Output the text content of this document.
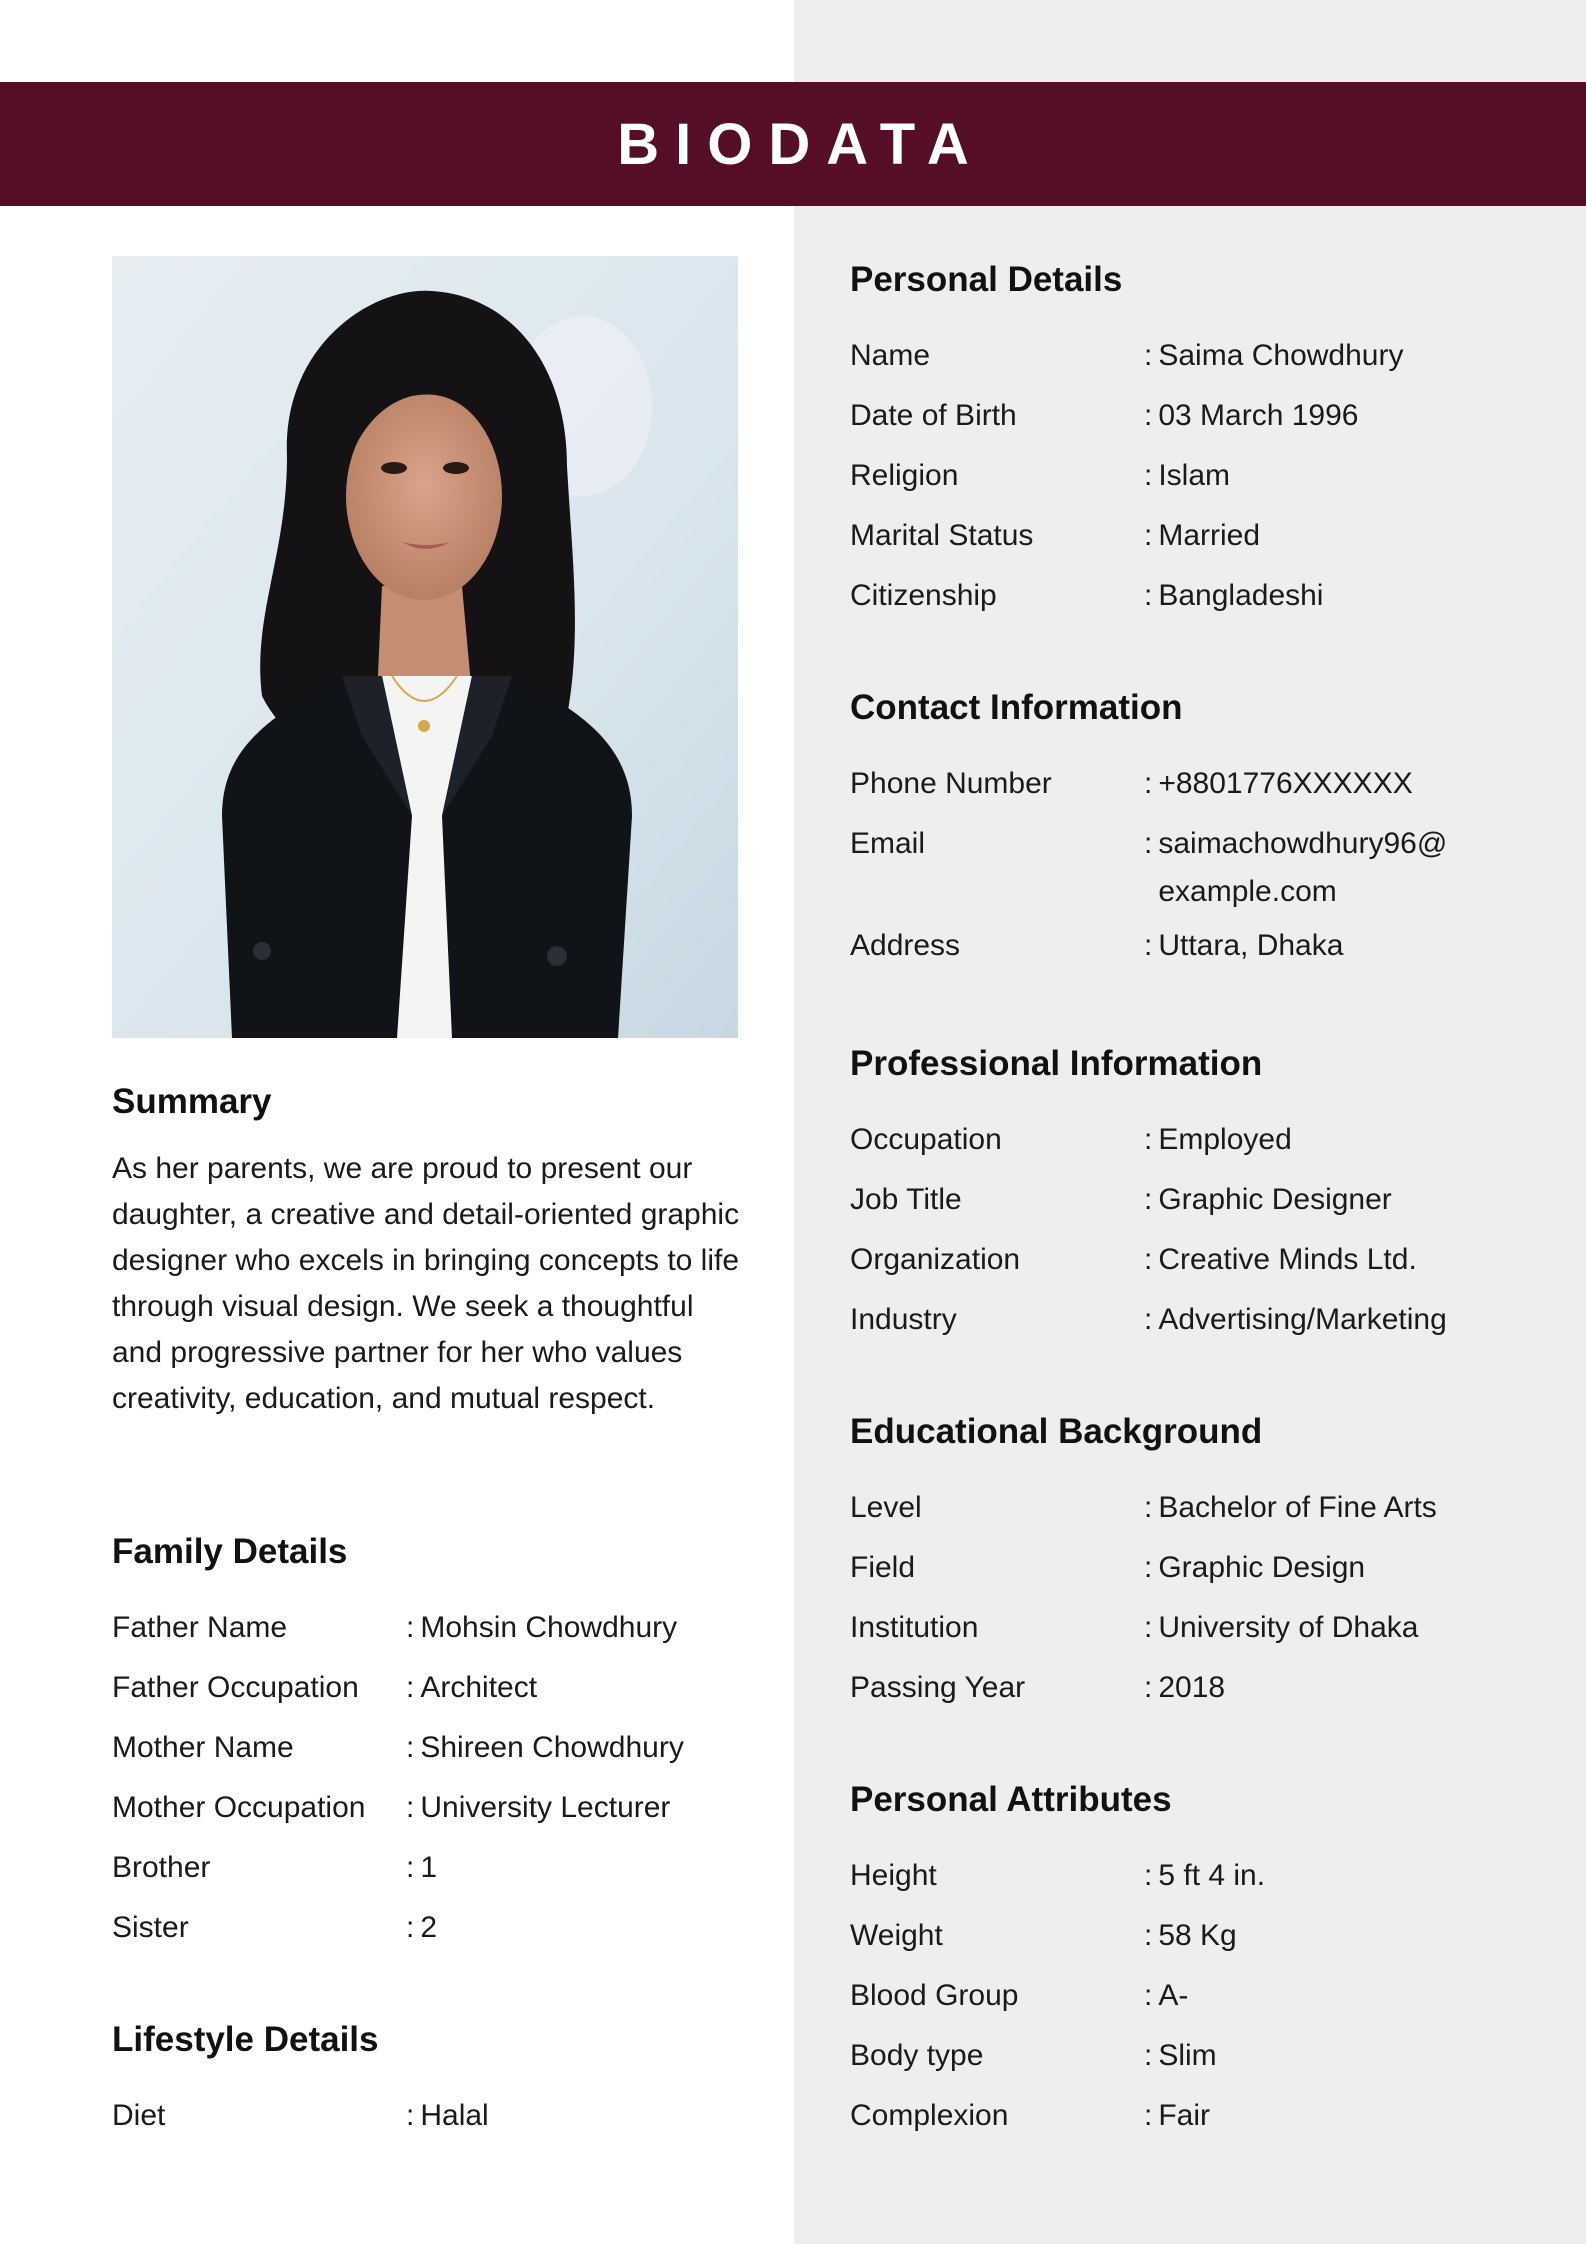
BIODATA
Summary
As her parents, we are proud to present our daughter, a creative and detail-oriented graphic designer who excels in bringing concepts to life through visual design. We seek a thoughtful and progressive partner for her who values creativity, education, and mutual respect.
Family Details
Father Name	: Mohsin Chowdhury
Father Occupation	: Architect
Mother Name	: Shireen Chowdhury
Mother Occupation	: University Lecturer
Brother	: 1
Sister	: 2
Lifestyle Details
Diet	: Halal
Personal Details
Name	: Saima Chowdhury
Date of Birth	: 03 March 1996
Religion	: Islam
Marital Status	: Married
Citizenship	: Bangladeshi
Contact Information
Phone Number	: +8801776XXXXXX
Email	: saimachowdhury96@ example.com
Address	: Uttara, Dhaka
Professional Information
Occupation	: Employed
Job Title	: Graphic Designer
Organization	: Creative Minds Ltd.
Industry	: Advertising/Marketing
Educational Background
Level	: Bachelor of Fine Arts
Field	: Graphic Design
Institution	: University of Dhaka
Passing Year	: 2018
Personal Attributes
Height	: 5 ft 4 in.
Weight	: 58 Kg
Blood Group	: A-
Body type	: Slim
Complexion	: Fair
